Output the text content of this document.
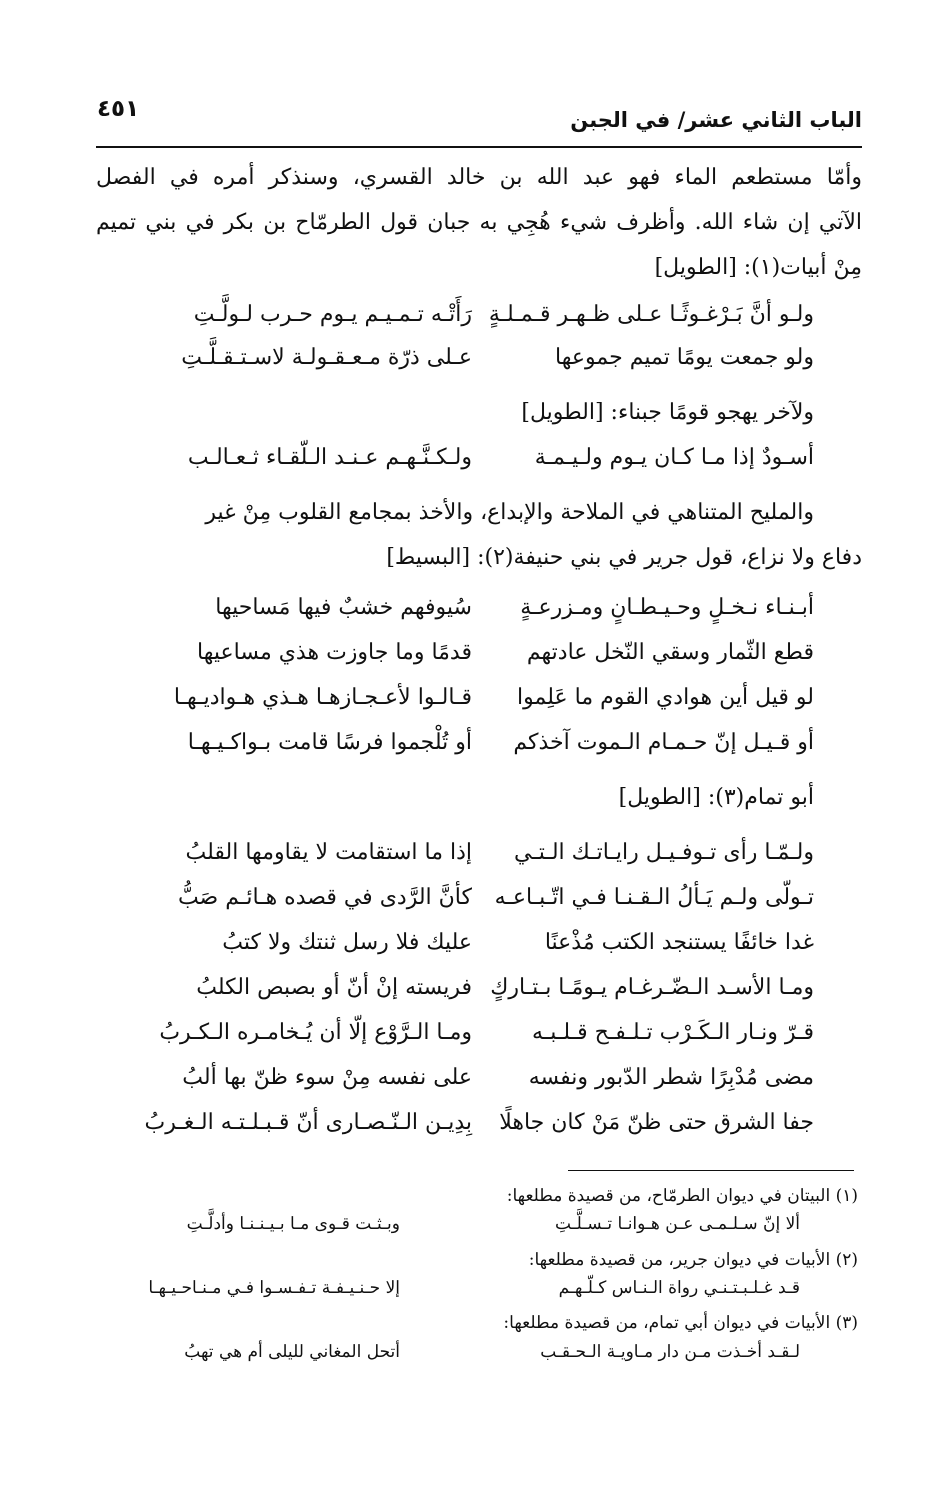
الباب الثاني عشر/ في الجبن
٤٥١
وأمّا مستطعم الماء فهو عبد الله بن خالد القسري، وسنذكر أمره في الفصل
الآتي إن شاء الله. وأظرف شيء هُجِي به جبان قول الطرمّاح بن بكر في بني تميم
مِنْ أبيات(١): [الطويل]
ولـو أنَّ بَـرْغـوثًـا عـلى ظـهـر قـمـلـةٍ
رَأَتْـه تـمـيـم يـوم حـرب لـولَّـتِ
ولو جمعت يومًا تميم جموعها
عـلى ذرّة مـعـقـولـة لاسـتـقـلَّـتِ
ولآخر يهجو قومًا جبناء: [الطويل]
أسـودٌ إذا مـا كـان يـوم ولـيـمـة
ولـكـنَّـهـم عـنـد الـلّقـاء ثـعـالـب
والمليح المتناهي في الملاحة والإبداع، والأخذ بمجامع القلوب مِنْ غير
دفاع ولا نزاع، قول جرير في بني حنيفة(٢): [البسيط]
أبـنـاء نـخـلٍ وحـيـطـانٍ ومـزرعـةٍ
سُيوفهم خشبٌ فيها مَساحيها
قطع الثّمار وسقي النّخل عادتهم
قدمًا وما جاوزت هذي مساعيها
لو قيل أين هوادي القوم ما عَلِموا
قـالـوا لأعـجـازهـا هـذي هـواديـهـا
أو قـيـل إنّ حـمـام الـموت آخذكم
أو تُلْجموا فرسًا قامت بـواكـيـهـا
أبو تمام(٣): [الطويل]
ولـمّـا رأى تـوفـيـل رايـاتـك الـتـي
إذا ما استقامت لا يقاومها القلبُ
تـولّى ولـم يَـألُ الـقـنـا فـي اتّـبـاعـه
كأنَّ الرَّدى في قصده هـائـم صَبُّ
غدا خائفًا يستنجد الكتب مُذْعنًا
عليك فلا رسل ثنتك ولا كتبُ
ومـا الأسـد الـضّـرغـام يـومًـا بـتـاركٍ
فريسته إنْ أنّ أو بصبص الكلبُ
قـرّ ونـار الـكَـرْب تـلـفـح قـلـبـه
ومـا الـرَّوْع إلّا أن يُـخامـره الـكـربُ
مضى مُدْبِرًا شطر الدّبور ونفسه
على نفسه مِنْ سوء ظنّ بها ألبُ
جفا الشرق حتى ظنّ مَنْ كان جاهلًا
بِدِيـن الـنّـصـارى أنّ قـبـلـتـه الـغـربُ
(١) البيتان في ديوان الطرمّاح، من قصيدة مطلعها:
ألا إنّ سـلـمـى عـن هـوانـا تـسـلَّـتِ
وبـثـت قـوى مـا بـيـنـنـا وأدلَّـتِ
(٢) الأبيات في ديوان جرير، من قصيدة مطلعها:
قـد غـلـبـتـنـي رواة الـنـاس كـلّـهـم
إلا حـنـيـفـة تـفـسـوا فـي مـنـاحـيـهـا
(٣) الأبيات في ديوان أبي تمام، من قصيدة مطلعها:
لـقـد أخـذت مـن دار مـاويـة الـحـقـب
أتحل المغاني لليلى أم هي تهبُ
